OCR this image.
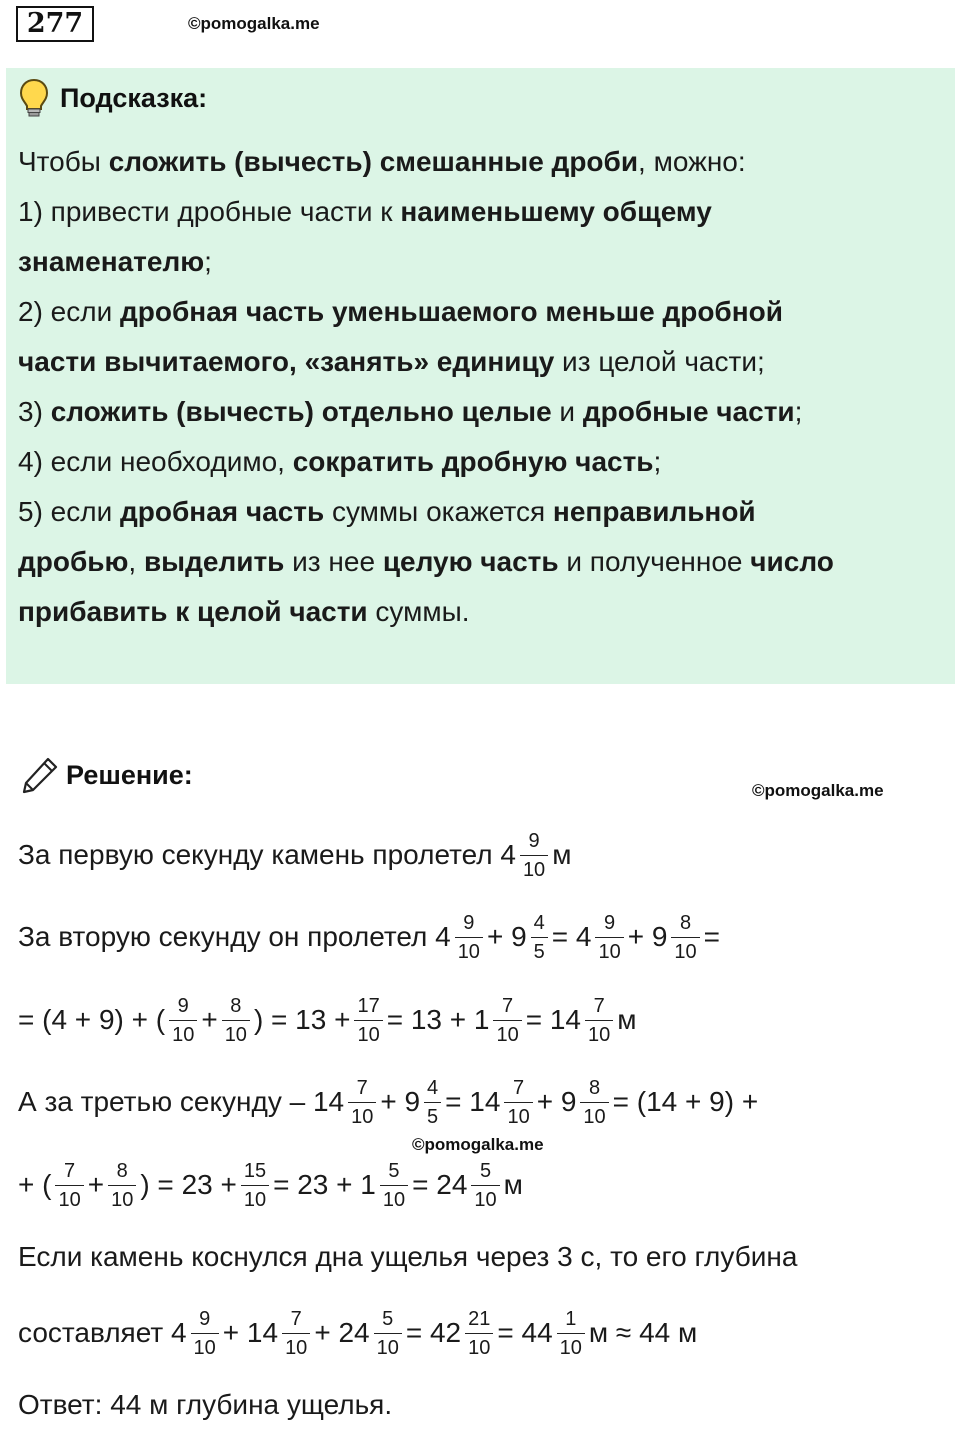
277	©pomogalka.me
Подсказка:
Чтобы сложить (вычесть) смешанные дроби, можно:
1) привести дробные части к наименьшему общему
знаменателю;
2) если дробная часть уменьшаемого меньше дробной
части вычитаемого, «занять» единицу из целой части;
3) сложить (вычесть) отдельно целые и дробные части;
4) если необходимо, сократить дробную часть;
5) если дробная часть суммы окажется неправильной
дробью, выделить из нее целую часть и полученное число
прибавить к целой части суммы.
Решение:
©pomogalka.me
©pomogalka.me
За первую секунду камень пролетел $4 \frac{9}{10}$ м
За вторую секунду он пролетел $4 \frac{9}{10} + 9 \frac{4}{5} = 4 \frac{9}{10} + 9 \frac{8}{10}$ =
= (4 + 9) + ( $\frac{9}{10} + \frac{8}{10}$ ) = $13 + \frac{17}{10} = 13 + 1 \frac{7}{10} = 14 \frac{7}{10}$ м
А за третью секунду – $14 \frac{7}{10} + 9 \frac{4}{5} = 14 \frac{7}{10} + 9 \frac{8}{10} = (14 + 9)$ +
+ ( $\frac{7}{10} + \frac{8}{10}$ ) = $23 + \frac{15}{10} = 23 + 1 \frac{5}{10} = 24 \frac{5}{10}$ м
Если камень коснулся дна ущелья через 3 с, то его глубина
составляет $4 \frac{9}{10} + 14 \frac{7}{10} + 24 \frac{5}{10} = 42 \frac{21}{10} = 44 \frac{1}{10}$ м ≈ 44 м
Ответ: 44 м глубина ущелья.
